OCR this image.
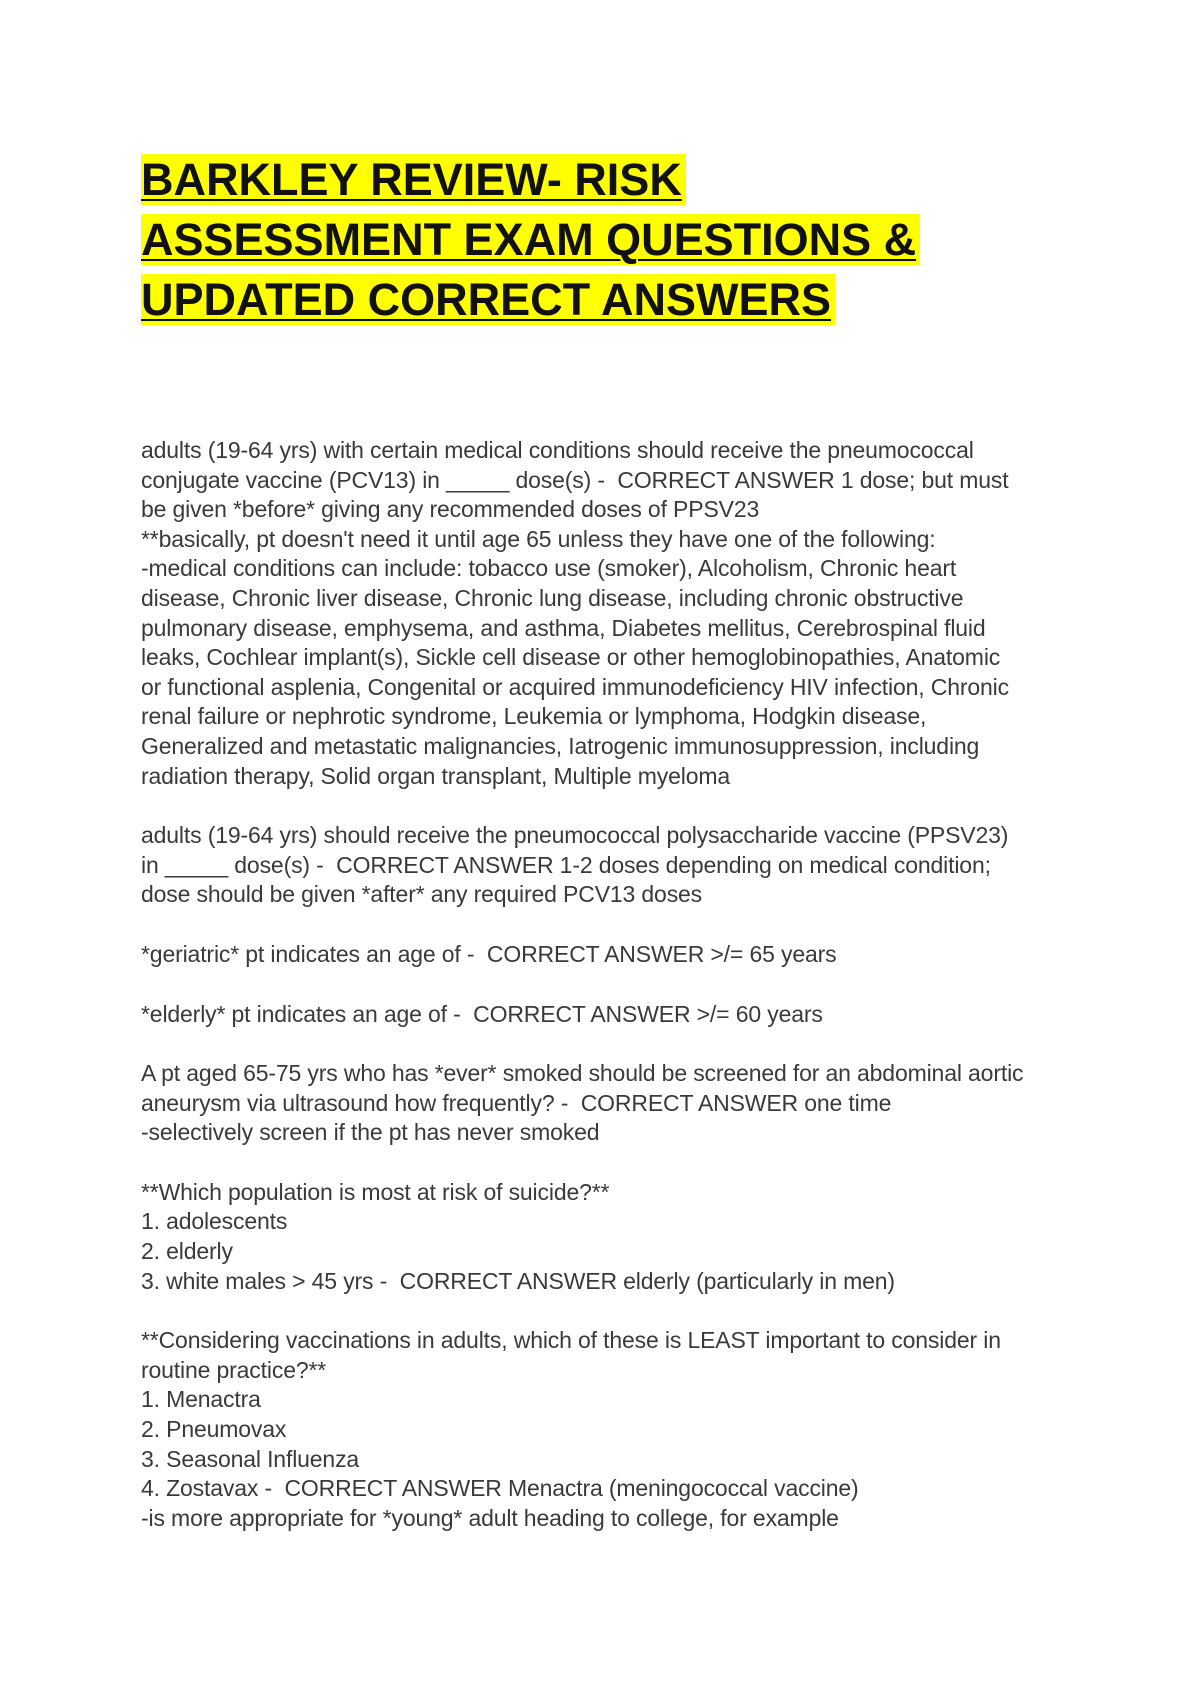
BARKLEY REVIEW- RISK
ASSESSMENT EXAM QUESTIONS &
UPDATED CORRECT ANSWERS
adults (19-64 yrs) with certain medical conditions should receive the pneumococcal
conjugate vaccine (PCV13) in _____ dose(s) -  CORRECT ANSWER 1 dose; but must
be given *before* giving any recommended doses of PPSV23
**basically, pt doesn't need it until age 65 unless they have one of the following:
-medical conditions can include: tobacco use (smoker), Alcoholism, Chronic heart
disease, Chronic liver disease, Chronic lung disease, including chronic obstructive
pulmonary disease, emphysema, and asthma, Diabetes mellitus, Cerebrospinal fluid
leaks, Cochlear implant(s), Sickle cell disease or other hemoglobinopathies, Anatomic
or functional asplenia, Congenital or acquired immunodeficiency HIV infection, Chronic
renal failure or nephrotic syndrome, Leukemia or lymphoma, Hodgkin disease,
Generalized and metastatic malignancies, Iatrogenic immunosuppression, including
radiation therapy, Solid organ transplant, Multiple myeloma
adults (19-64 yrs) should receive the pneumococcal polysaccharide vaccine (PPSV23)
in _____ dose(s) -  CORRECT ANSWER 1-2 doses depending on medical condition;
dose should be given *after* any required PCV13 doses
*geriatric* pt indicates an age of -  CORRECT ANSWER >/= 65 years
*elderly* pt indicates an age of -  CORRECT ANSWER >/= 60 years
A pt aged 65-75 yrs who has *ever* smoked should be screened for an abdominal aortic
aneurysm via ultrasound how frequently? -  CORRECT ANSWER one time
-selectively screen if the pt has never smoked
**Which population is most at risk of suicide?**
1. adolescents
2. elderly
3. white males > 45 yrs -  CORRECT ANSWER elderly (particularly in men)
**Considering vaccinations in adults, which of these is LEAST important to consider in
routine practice?**
1. Menactra
2. Pneumovax
3. Seasonal Influenza
4. Zostavax -  CORRECT ANSWER Menactra (meningococcal vaccine)
-is more appropriate for *young* adult heading to college, for example
